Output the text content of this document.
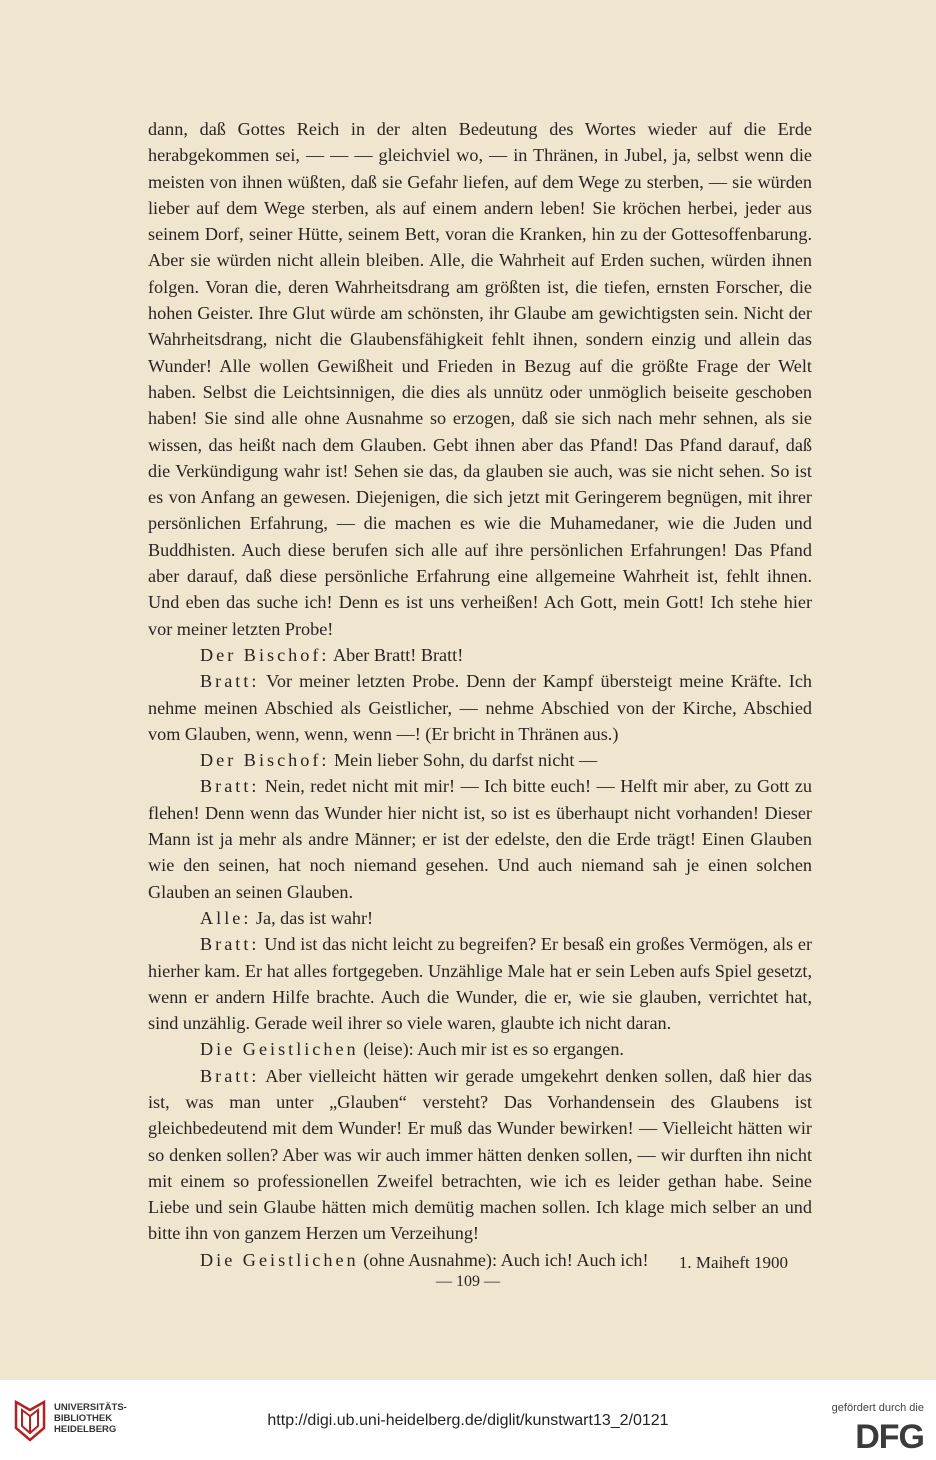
dann, daß Gottes Reich in der alten Bedeutung des Wortes wieder auf die Erde herabgekommen sei, — — — gleichviel wo, — in Thränen, in Jubel, ja, selbst wenn die meisten von ihnen wüßten, daß sie Gefahr liefen, auf dem Wege zu sterben, — sie würden lieber auf dem Wege sterben, als auf einem andern leben! Sie kröchen herbei, jeder aus seinem Dorf, seiner Hütte, seinem Bett, voran die Kranken, hin zu der Gottesoffenbarung. Aber sie würden nicht allein bleiben. Alle, die Wahrheit auf Erden suchen, würden ihnen folgen. Voran die, deren Wahrheitsdrang am größten ist, die tiefen, ernsten Forscher, die hohen Geister. Ihre Glut würde am schönsten, ihr Glaube am gewichtigsten sein. Nicht der Wahrheitsdrang, nicht die Glaubensfähigkeit fehlt ihnen, sondern einzig und allein das Wunder! Alle wollen Gewißheit und Frieden in Bezug auf die größte Frage der Welt haben. Selbst die Leichtsinnigen, die dies als unnütz oder unmöglich beiseite geschoben haben! Sie sind alle ohne Ausnahme so erzogen, daß sie sich nach mehr sehnen, als sie wissen, das heißt nach dem Glauben. Gebt ihnen aber das Pfand! Das Pfand darauf, daß die Verkündigung wahr ist! Sehen sie das, da glauben sie auch, was sie nicht sehen. So ist es von Anfang an gewesen. Diejenigen, die sich jetzt mit Geringerem begnügen, mit ihrer persönlichen Erfahrung, — die machen es wie die Muhamedaner, wie die Juden und Buddhisten. Auch diese berufen sich alle auf ihre persönlichen Erfahrungen! Das Pfand aber darauf, daß diese persönliche Erfahrung eine allgemeine Wahrheit ist, fehlt ihnen. Und eben das suche ich! Denn es ist uns verheißen! Ach Gott, mein Gott! Ich stehe hier vor meiner letzten Probe!

Der Bischof: Aber Bratt! Bratt!

Bratt: Vor meiner letzten Probe. Denn der Kampf übersteigt meine Kräfte. Ich nehme meinen Abschied als Geistlicher, — nehme Abschied von der Kirche, Abschied vom Glauben, wenn, wenn, wenn —! (Er bricht in Thränen aus.)

Der Bischof: Mein lieber Sohn, du darfst nicht —

Bratt: Nein, redet nicht mit mir! — Ich bitte euch! — Helft mir aber, zu Gott zu flehen! Denn wenn das Wunder hier nicht ist, so ist es überhaupt nicht vorhanden! Dieser Mann ist ja mehr als andre Männer; er ist der edelste, den die Erde trägt! Einen Glauben wie den seinen, hat noch niemand gesehen. Und auch niemand sah je einen solchen Glauben an seinen Glauben.

Alle: Ja, das ist wahr!

Bratt: Und ist das nicht leicht zu begreifen? Er besaß ein großes Vermögen, als er hierher kam. Er hat alles fortgegeben. Unzählige Male hat er sein Leben aufs Spiel gesetzt, wenn er andern Hilfe brachte. Auch die Wunder, die er, wie sie glauben, verrichtet hat, sind unzählig. Gerade weil ihrer so viele waren, glaubte ich nicht daran.

Die Geistlichen (leise): Auch mir ist es so ergangen.

Bratt: Aber vielleicht hätten wir gerade umgekehrt denken sollen, daß hier das ist, was man unter „Glauben“ versteht? Das Vorhandensein des Glaubens ist gleichbedeutend mit dem Wunder! Er muß das Wunder bewirken! — Vielleicht hätten wir so denken sollen? Aber was wir auch immer hätten denken sollen, — wir durften ihn nicht mit einem so professionellen Zweifel betrachten, wie ich es leider gethan habe. Seine Liebe und sein Glaube hätten mich demütig machen sollen. Ich klage mich selber an und bitte ihn von ganzem Herzen um Verzeihung!

Die Geistlichen (ohne Ausnahme): Auch ich! Auch ich!	1. Maiheft 1900
— 109 —
UNIVERSITÄTS-
BIBLIOTHEK
HEIDELBERG
http://digi.ub.uni-heidelberg.de/diglit/kunstwart13_2/0121
gefördert durch die
DFG
